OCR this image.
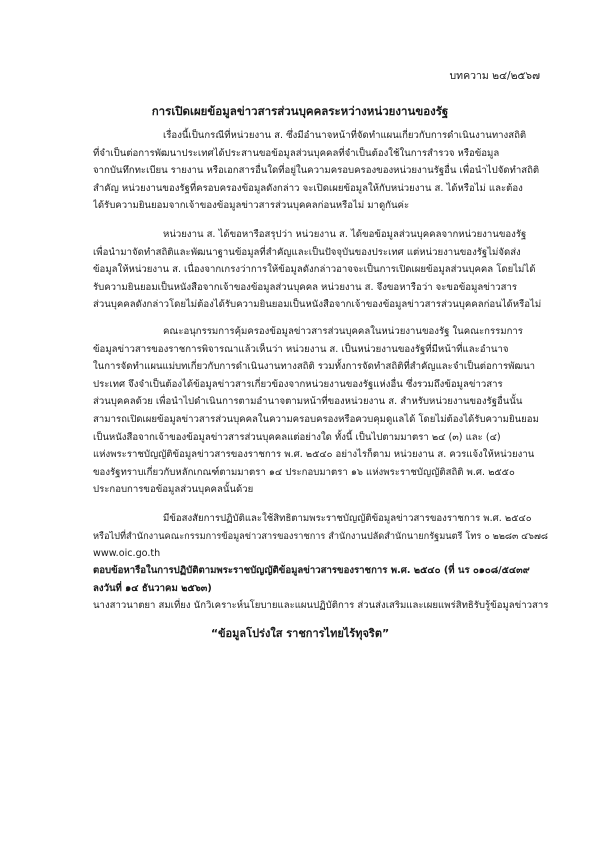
บทความ ๒๔/๒๕๖๗
การเปิดเผยข้อมูลข่าวสารส่วนบุคคลระหว่างหน่วยงานของรัฐ
เรื่องนี้เป็นกรณีที่หน่วยงาน ส. ซึ่งมีอำนาจหน้าที่จัดทำแผนเกี่ยวกับการดำเนินงานทางสถิติ
ที่จำเป็นต่อการพัฒนาประเทศได้ประสานขอข้อมูลส่วนบุคคลที่จำเป็นต้องใช้ในการสำรวจ หรือข้อมูล
จากบันทึกทะเบียน รายงาน หรือเอกสารอื่นใดที่อยู่ในความครอบครองของหน่วยงานรัฐอื่น เพื่อนำไปจัดทำสถิติ
สำคัญ หน่วยงานของรัฐที่ครอบครองข้อมูลดังกล่าว จะเปิดเผยข้อมูลให้กับหน่วยงาน ส. ได้หรือไม่ และต้อง
ได้รับความยินยอมจากเจ้าของข้อมูลข่าวสารส่วนบุคคลก่อนหรือไม่ มาดูกันค่ะ
หน่วยงาน ส. ได้ขอหารือสรุปว่า หน่วยงาน ส. ได้ขอข้อมูลส่วนบุคคลจากหน่วยงานของรัฐ
เพื่อนำมาจัดทำสถิติและพัฒนาฐานข้อมูลที่สำคัญและเป็นปัจจุบันของประเทศ แต่หน่วยงานของรัฐไม่จัดส่ง
ข้อมูลให้หน่วยงาน ส. เนื่องจากเกรงว่าการให้ข้อมูลดังกล่าวอาจจะเป็นการเปิดเผยข้อมูลส่วนบุคคล โดยไม่ได้
รับความยินยอมเป็นหนังสือจากเจ้าของข้อมูลส่วนบุคคล หน่วยงาน ส. จึงขอหารือว่า จะขอข้อมูลข่าวสาร
ส่วนบุคคลดังกล่าวโดยไม่ต้องได้รับความยินยอมเป็นหนังสือจากเจ้าของข้อมูลข่าวสารส่วนบุคคลก่อนได้หรือไม่
คณะอนุกรรมการคุ้มครองข้อมูลข่าวสารส่วนบุคคลในหน่วยงานของรัฐ ในคณะกรรมการ
ข้อมูลข่าวสารของราชการพิจารณาแล้วเห็นว่า หน่วยงาน ส. เป็นหน่วยงานของรัฐที่มีหน้าที่และอำนาจ
ในการจัดทำแผนแม่บทเกี่ยวกับการดำเนินงานทางสถิติ รวมทั้งการจัดทำสถิติที่สำคัญและจำเป็นต่อการพัฒนา
ประเทศ จึงจำเป็นต้องได้ข้อมูลข่าวสารเกี่ยวข้องจากหน่วยงานของรัฐแห่งอื่น ซึ่งรวมถึงข้อมูลข่าวสาร
ส่วนบุคคลด้วย เพื่อนำไปดำเนินการตามอำนาจตามหน้าที่ของหน่วยงาน ส. สำหรับหน่วยงานของรัฐอื่นนั้น
สามารถเปิดเผยข้อมูลข่าวสารส่วนบุคคลในความครอบครองหรือควบคุมดูแลได้ โดยไม่ต้องได้รับความยินยอม
เป็นหนังสือจากเจ้าของข้อมูลข่าวสารส่วนบุคคลแต่อย่างใด ทั้งนี้ เป็นไปตามมาตรา ๒๔ (๓) และ (๔)
แห่งพระราชบัญญัติข้อมูลข่าวสารของราชการ พ.ศ. ๒๕๔๐ อย่างไรก็ตาม หน่วยงาน ส. ควรแจ้งให้หน่วยงาน
ของรัฐทราบเกี่ยวกับหลักเกณฑ์ตามมาตรา ๑๔ ประกอบมาตรา ๑๖ แห่งพระราชบัญญัติสถิติ พ.ศ. ๒๕๕๐
ประกอบการขอข้อมูลส่วนบุคคลนั้นด้วย
มีข้อสงสัยการปฏิบัติและใช้สิทธิตามพระราชบัญญัติข้อมูลข่าวสารของราชการ พ.ศ. ๒๕๔๐
หรือไปที่สำนักงานคณะกรรมการข้อมูลข่าวสารของราชการ สำนักงานปลัดสำนักนายกรัฐมนตรี โทร ๐ ๒๒๘๓ ๔๖๗๘
www.oic.go.th
ตอบข้อหารือในการปฏิบัติตามพระราชบัญญัติข้อมูลข่าวสารของราชการ พ.ศ. ๒๕๔๐ (ที่ นร ๐๑๐๘/๕๔๓๙
ลงวันที่ ๑๔ ธันวาคม ๒๕๖๓)
นางสาวนาตยา สมเที่ยง นักวิเคราะห์นโยบายและแผนปฏิบัติการ ส่วนส่งเสริมและเผยแพร่สิทธิรับรู้ข้อมูลข่าวสาร
“ข้อมูลโปร่งใส ราชการไทยไร้ทุจริต”
